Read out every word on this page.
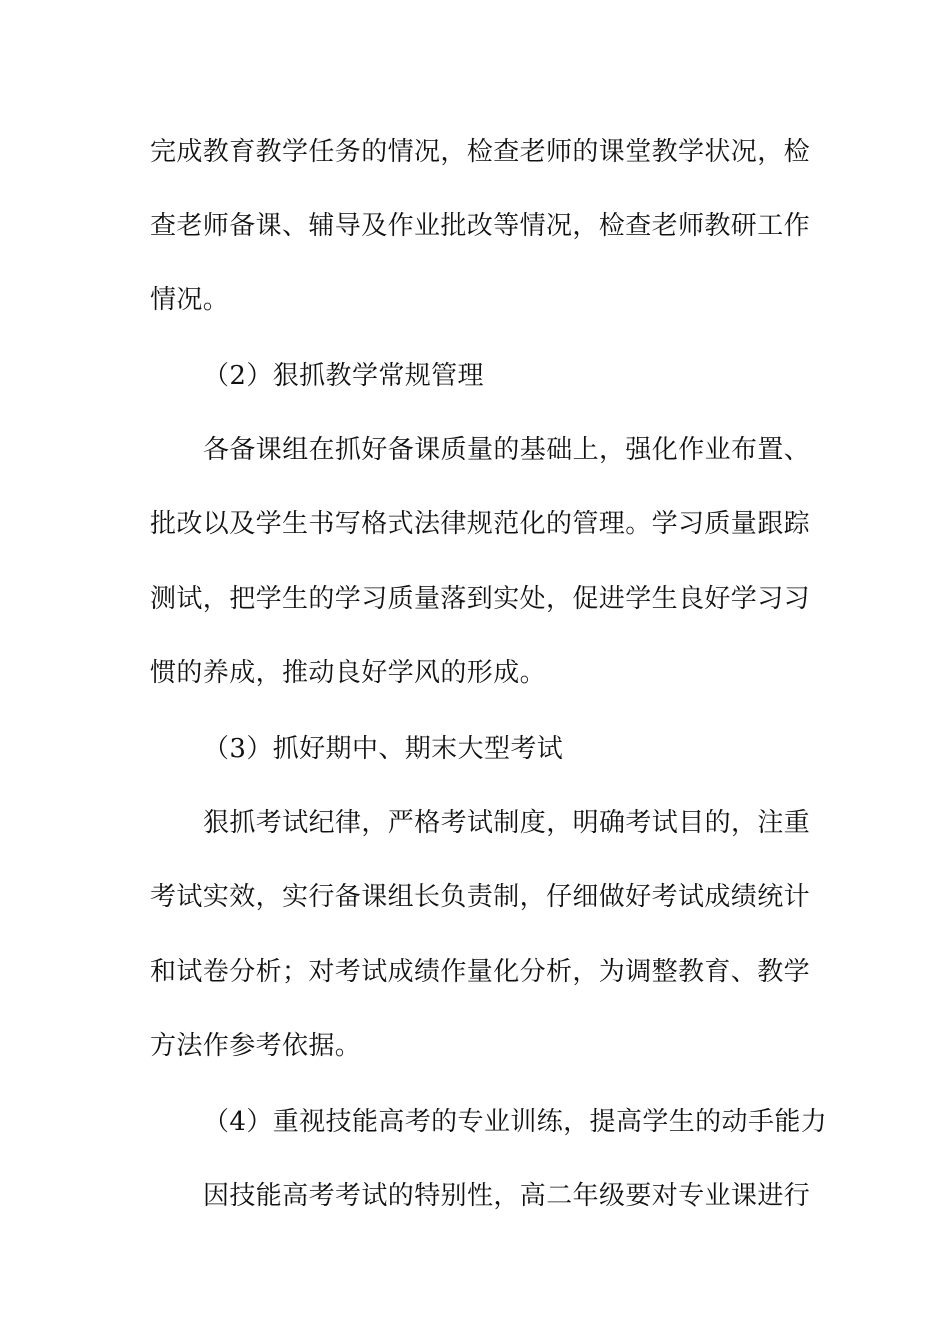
完成教育教学任务的情况，检查老师的课堂教学状况，检
查老师备课、辅导及作业批改等情况，检查老师教研工作
情况。
（2）狠抓教学常规管理
各备课组在抓好备课质量的基础上，强化作业布置、
批改以及学生书写格式法律规范化的管理。学习质量跟踪
测试，把学生的学习质量落到实处，促进学生良好学习习
惯的养成，推动良好学风的形成。
（3）抓好期中、期末大型考试
狠抓考试纪律，严格考试制度，明确考试目的，注重
考试实效，实行备课组长负责制，仔细做好考试成绩统计
和试卷分析；对考试成绩作量化分析，为调整教育、教学
方法作参考依据。
（4）重视技能高考的专业训练，提高学生的动手能力
因技能高考考试的特别性，高二年级要对专业课进行
